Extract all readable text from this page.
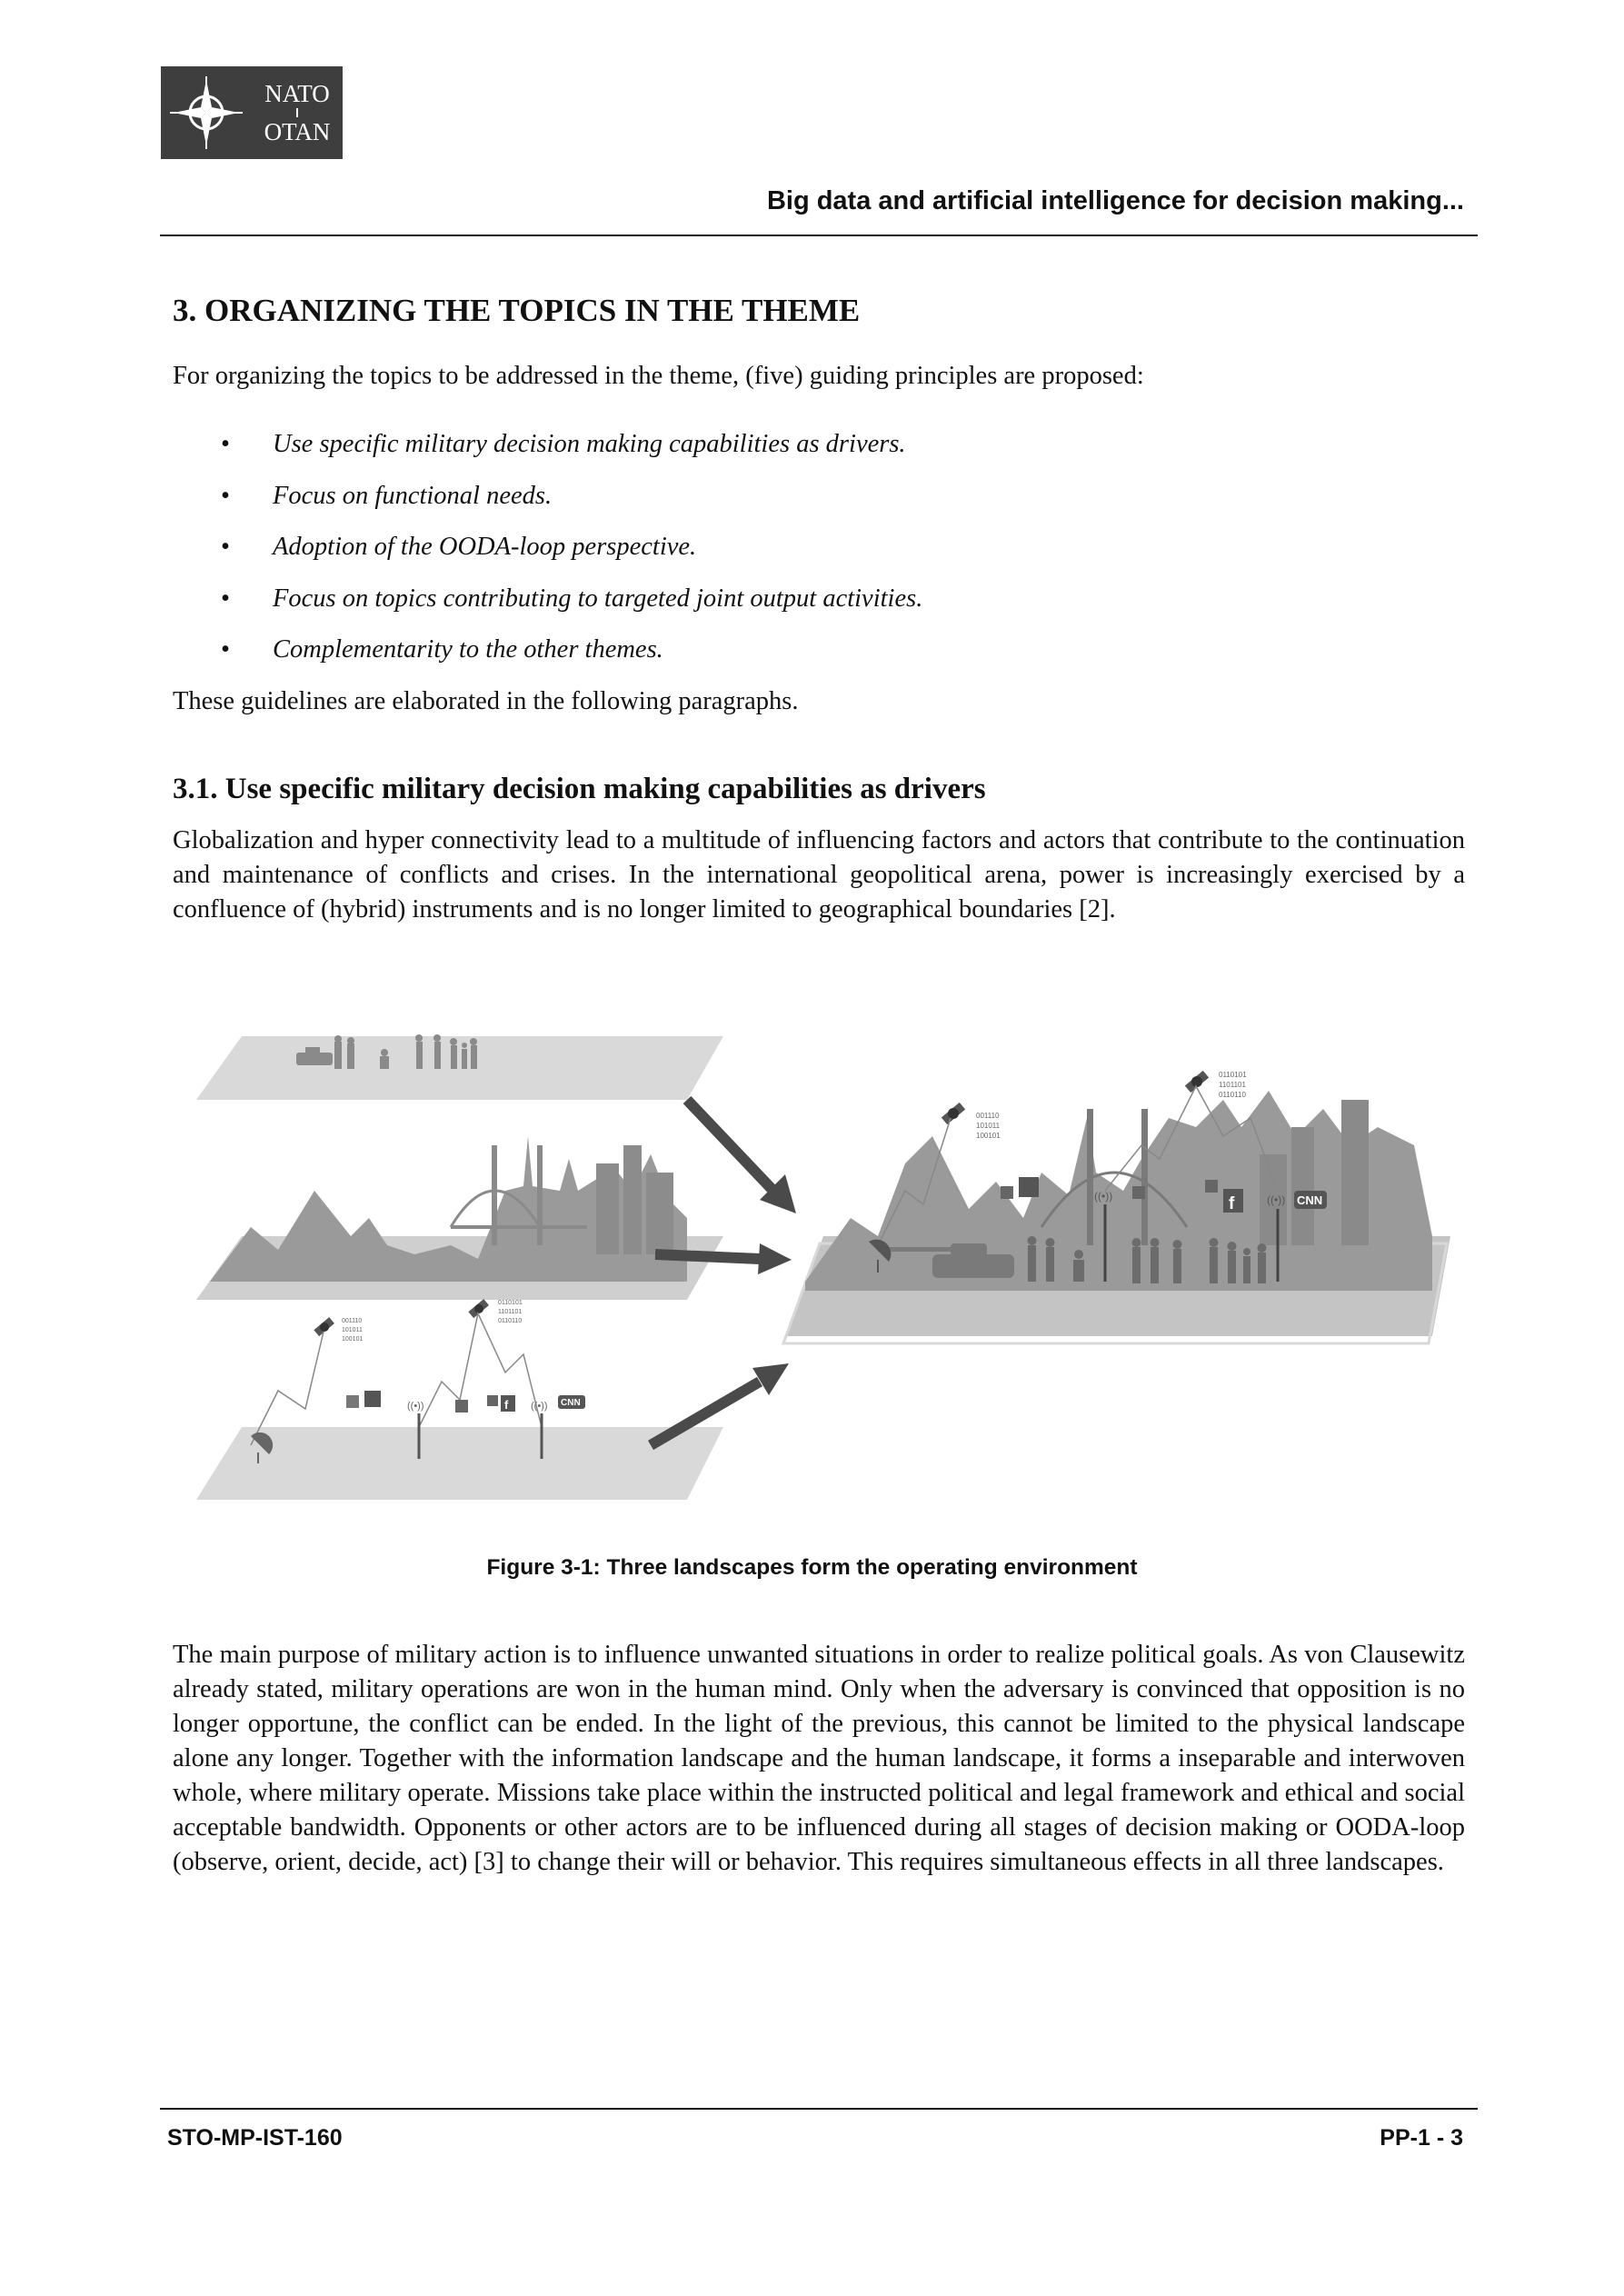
NATO
OTAN
Big data and artificial intelligence for decision making...
3. ORGANIZING THE TOPICS IN THE THEME
For organizing the topics to be addressed in the theme, (five) guiding principles are proposed:
• Use specific military decision making capabilities as drivers.
• Focus on functional needs.
• Adoption of the OODA-loop perspective.
• Focus on topics contributing to targeted joint output activities.
• Complementarity to the other themes.
These guidelines are elaborated in the following paragraphs.
3.1. Use specific military decision making capabilities as drivers
Globalization and hyper connectivity lead to a multitude of influencing factors and actors that contribute to the continuation and maintenance of conflicts and crises. In the international geopolitical arena, power is increasingly exercised by a confluence of (hybrid) instruments and is no longer limited to geographical boundaries [2].
001110
101011
100101
0110101
1101101
0110110
((•))	((•))
f	CNN
001110
101011
100101
0110101
1101101
0110110
((•))	((•))
f	CNN
Figure 3-1: Three landscapes form the operating environment
The main purpose of military action is to influence unwanted situations in order to realize political goals. As von Clausewitz already stated, military operations are won in the human mind. Only when the adversary is convinced that opposition is no longer opportune, the conflict can be ended. In the light of the previous, this cannot be limited to the physical landscape alone any longer. Together with the information landscape and the human landscape, it forms a inseparable and interwoven whole, where military operate. Missions take place within the instructed political and legal framework and ethical and social acceptable bandwidth. Opponents or other actors are to be influenced during all stages of decision making or OODA-loop (observe, orient, decide, act) [3] to change their will or behavior. This requires simultaneous effects in all three landscapes.
STO-MP-IST-160	PP-1 - 3
